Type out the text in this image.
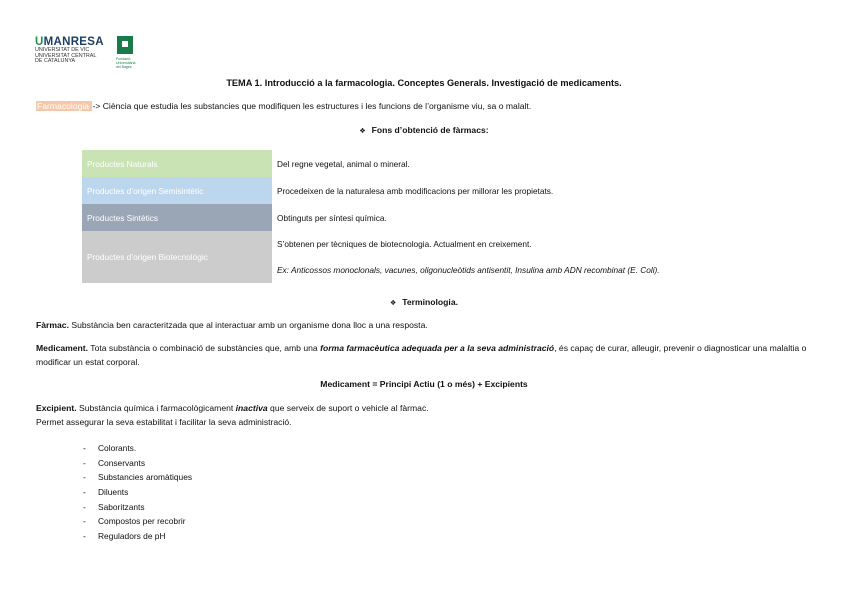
UMANRESA
UNIVERSITAT DE VIC
UNIVERSITAT CENTRAL
DE CATALUNYA	Fundació Universitària del Bages
TEMA 1. Introducció a la farmacologia. Conceptes Generals. Investigació de medicaments.
Farmacologia -> Ciència que estudia les substancies que modifiquen les estructures i les funcions de l’organisme viu, sa o malalt.
❖ Fons d’obtenció de fàrmacs:
Productes Naturals	Del regne vegetal, animal o mineral.
Productes d’origen Semisintètic	Procedeixen de la naturalesa amb modificacions per millorar les propietats.
Productes Sintètics	Obtinguts per síntesi química.
Productes d’origen Biotecnològic	S’obtenen per tècniques de biotecnologia. Actualment en creixement.
Ex: Anticossos monoclonals, vacunes, oligonucleòtids antisentit, Insulina amb ADN recombinat (E. Coli).
❖ Terminologia.
Fàrmac. Substància ben caracteritzada que al interactuar amb un organisme dona lloc a una resposta.
Medicament. Tota substància o combinació de substàncies que, amb una forma farmacèutica adequada per a la seva administració, és capaç de curar, alleugir, prevenir o diagnosticar una malaltia o modificar un estat corporal.
Medicament = Principi Actiu (1 o més) + Excipients
Excipient. Substància química i farmacològicament inactiva que serveix de suport o vehicle al fàrmac.
Permet assegurar la seva estabilitat i facilitar la seva administració.
- Colorants.
- Conservants
- Substancies aromàtiques
- Diluents
- Saboritzants
- Compostos per recobrir
- Reguladors de pH
